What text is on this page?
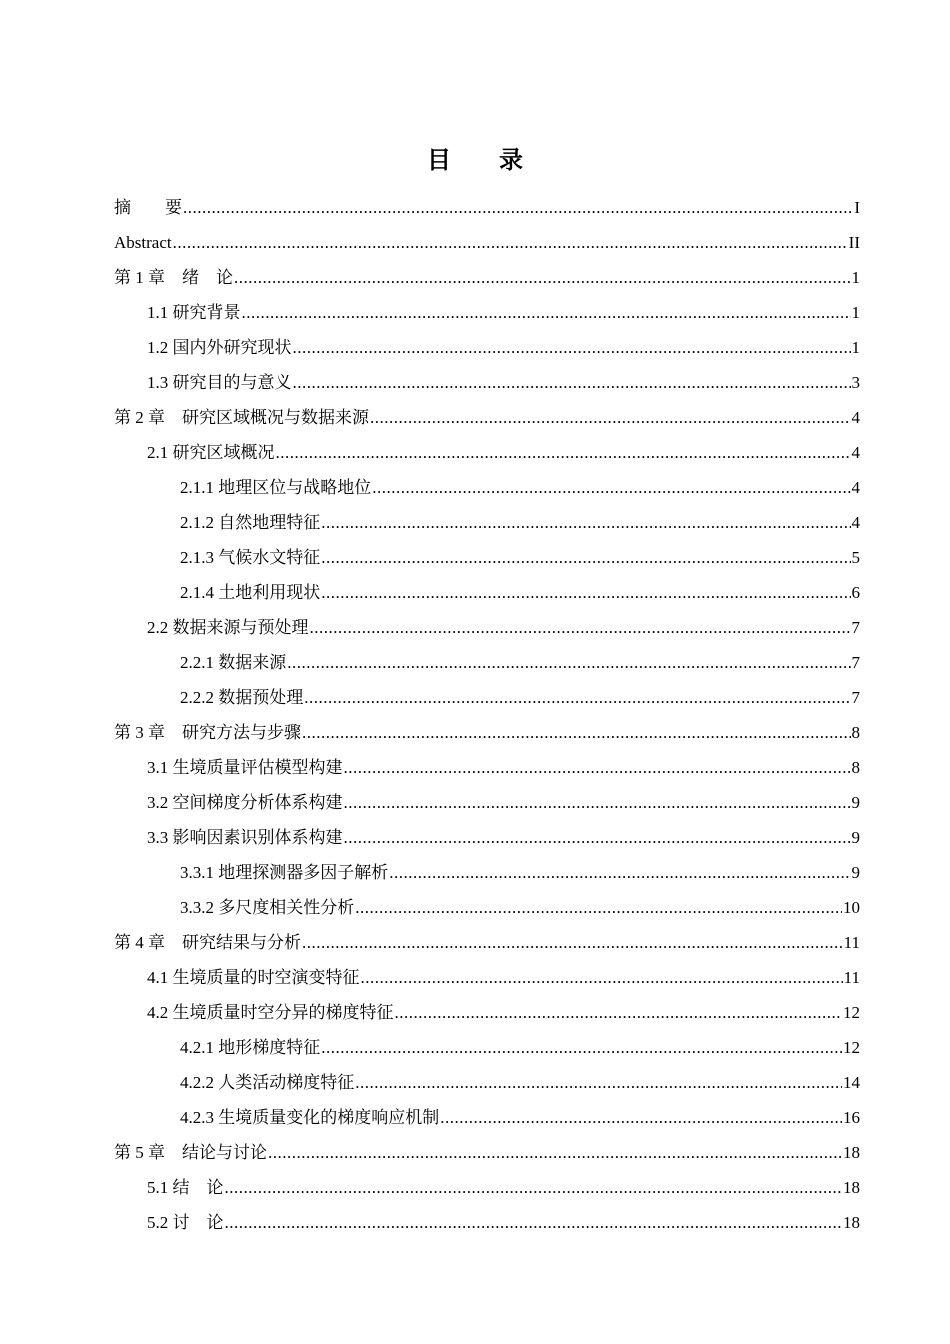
目　　录
摘　　要 .....	I
Abstract .....	II
第 1 章　绪　论 .....	1
1.1 研究背景 .....	1
1.2 国内外研究现状 .....	1
1.3 研究目的与意义 .....	3
第 2 章　研究区域概况与数据来源 .....	4
2.1 研究区域概况 .....	4
2.1.1 地理区位与战略地位 .....	4
2.1.2 自然地理特征 .....	4
2.1.3 气候水文特征 .....	5
2.1.4 土地利用现状 .....	6
2.2 数据来源与预处理 .....	7
2.2.1 数据来源 .....	7
2.2.2 数据预处理 .....	7
第 3 章　研究方法与步骤 .....	8
3.1 生境质量评估模型构建 .....	8
3.2 空间梯度分析体系构建 .....	9
3.3 影响因素识别体系构建 .....	9
3.3.1 地理探测器多因子解析 .....	9
3.3.2 多尺度相关性分析 .....	10
第 4 章　研究结果与分析 .....	11
4.1 生境质量的时空演变特征 .....	11
4.2 生境质量时空分异的梯度特征 .....	12
4.2.1 地形梯度特征 .....	12
4.2.2 人类活动梯度特征 .....	14
4.2.3 生境质量变化的梯度响应机制 .....	16
第 5 章　结论与讨论 .....	18
5.1 结　论 .....	18
5.2 讨　论 .....	18
